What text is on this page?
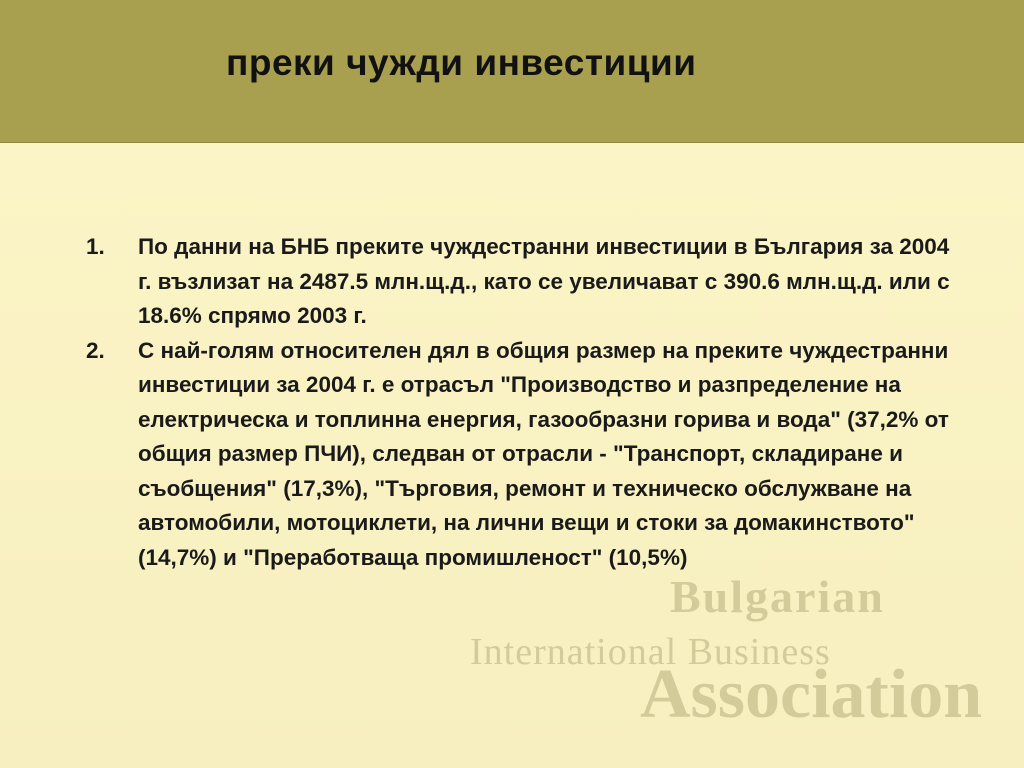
преки чужди инвестиции
Bulgarian
International Business
Association
1.	По данни на БНБ преките чуждестранни инвестиции в България за 2004 г. възлизат на 2487.5 млн.щ.д., като се увеличават с 390.6 млн.щ.д. или с 18.6% спрямо 2003 г.
2.	С най-голям относителен дял в общия размер на преките чуждестранни инвестиции за 2004 г. е отрасъл "Производство и разпределение на електрическа и топлинна енергия, газообразни горива и вода" (37,2% от общия размер ПЧИ), следван от отрасли - "Транспорт, складиране и съобщения" (17,3%), "Търговия, ремонт и техническо обслужване на автомобили, мотоциклети, на лични вещи и стоки за домакинството" (14,7%) и "Преработваща промишленост" (10,5%)
